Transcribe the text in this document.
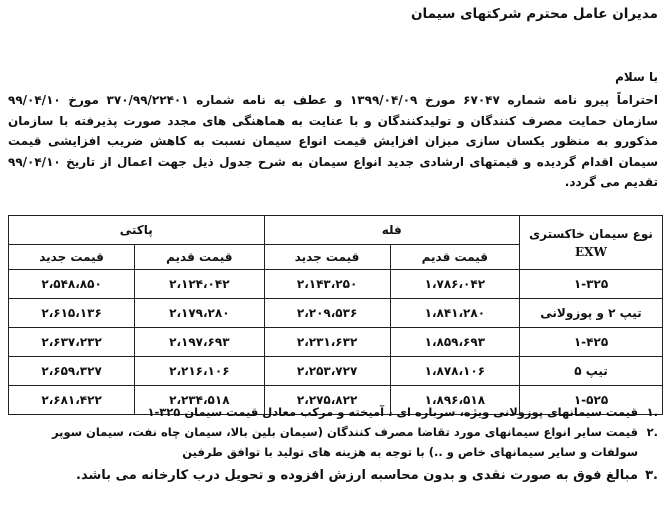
مدیران عامل محترم شرکتهای سیمان
با سلام
احتراماً پیرو نامه شماره ۶۷۰۴۷ مورخ ۱۳۹۹/۰۴/۰۹ و عطف به نامه شماره ۳۷۰/۹۹/۲۲۴۰۱ مورخ ۹۹/۰۴/۱۰ سازمان حمایت مصرف کنندگان و تولیدکنندگان و با عنایت به هماهنگی های مجدد صورت پذیرفته با سازمان مذکورو به منظور یکسان سازی میزان افزایش قیمت انواع سیمان نسبت به کاهش ضریب افزایشی قیمت سیمان اقدام گردیده و قیمتهای ارشادی جدید انواع سیمان به شرح جدول ذیل جهت اعمال از تاریخ ۹۹/۰۴/۱۰ تقدیم می گردد.
نوع سیمان خاکستری
EXW	فله		پاکتی	
	قیمت قدیم	قیمت جدید	قیمت قدیم	قیمت جدید
۱-۳۲۵	۱،۷۸۶،۰۴۲	۲،۱۴۳،۲۵۰	۲،۱۲۴،۰۴۲	۲،۵۴۸،۸۵۰
تیپ ۲ و پوزولانی	۱،۸۴۱،۲۸۰	۲،۲۰۹،۵۳۶	۲،۱۷۹،۲۸۰	۲،۶۱۵،۱۳۶
۱-۴۲۵	۱،۸۵۹،۶۹۳	۲،۲۳۱،۶۳۲	۲،۱۹۷،۶۹۳	۲،۶۳۷،۲۳۲
تیپ ۵	۱،۸۷۸،۱۰۶	۲،۲۵۳،۷۲۷	۲،۲۱۶،۱۰۶	۲،۶۵۹،۳۲۷
۱-۵۲۵	۱،۸۹۶،۵۱۸	۲،۲۷۵،۸۲۲	۲،۲۳۴،۵۱۸	۲،۶۸۱،۴۲۲
.۱
قیمت سیمانهای پوزولانی ویژه، سرباره ای ، آمیخته و مرکب معادل قیمت سیمان ۳۲۵-۱
.۲
قیمت سایر انواع سیمانهای مورد تقاضا مصرف کنندگان (سیمان بلین بالا، سیمان چاه نفت، سیمان سوپر سولفات و سایر سیمانهای خاص و ..) با توجه به هزینه های تولید با توافق طرفین
.۳
مبالغ فوق به صورت نقدی و بدون محاسبه ارزش افزوده و تحویل درب کارخانه می باشد.
